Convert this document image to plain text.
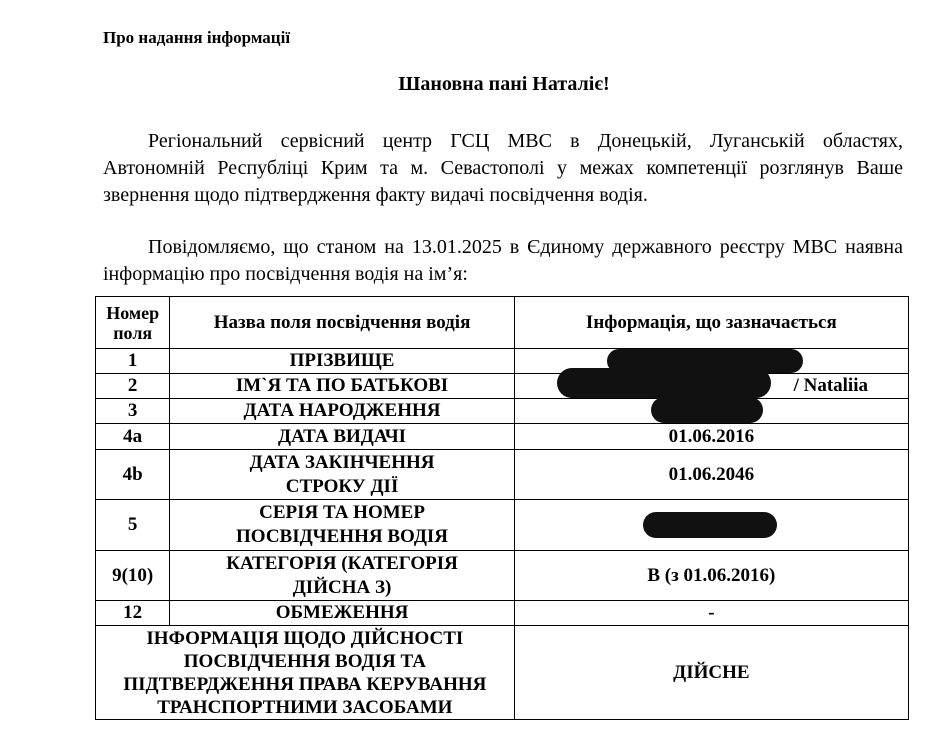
Про надання інформації
Шановна пані Наталіє!
Регіональний сервісний центр ГСЦ МВС в Донецькій, Луганській областях, Автономній Республіці Крим та м. Севастополі у межах компетенції розглянув Ваше звернення щодо підтвердження факту видачі посвідчення водія.
Повідомляємо, що станом на 13.01.2025 в Єдиному державного реєстру МВС наявна інформацію про посвідчення водія на ім’я:
Номер
поля	Назва поля посвідчення водія	Інформація, що зазначається
1	ПРІЗВИЩЕ	

2	ІМ`Я ТА ПО БАТЬКОВІ	/ Nataliia

3	ДАТА НАРОДЖЕННЯ	

4a	ДАТА ВИДАЧІ	01.06.2016
4b	ДАТА ЗАКІНЧЕННЯ СТРОКУ ДІЇ	01.06.2046
5	СЕРІЯ ТА НОМЕР ПОСВІДЧЕННЯ ВОДІЯ	

9(10)	КАТЕГОРІЯ (КАТЕГОРІЯ ДІЙСНА З)	B (з 01.06.2016)
12	ОБМЕЖЕННЯ	-
ІНФОРМАЦІЯ ЩОДО ДІЙСНОСТІ ПОСВІДЧЕННЯ ВОДІЯ ТА ПІДТВЕРДЖЕННЯ ПРАВА КЕРУВАННЯ ТРАНСПОРТНИМИ ЗАСОБАМИ		ДІЙСНЕ
